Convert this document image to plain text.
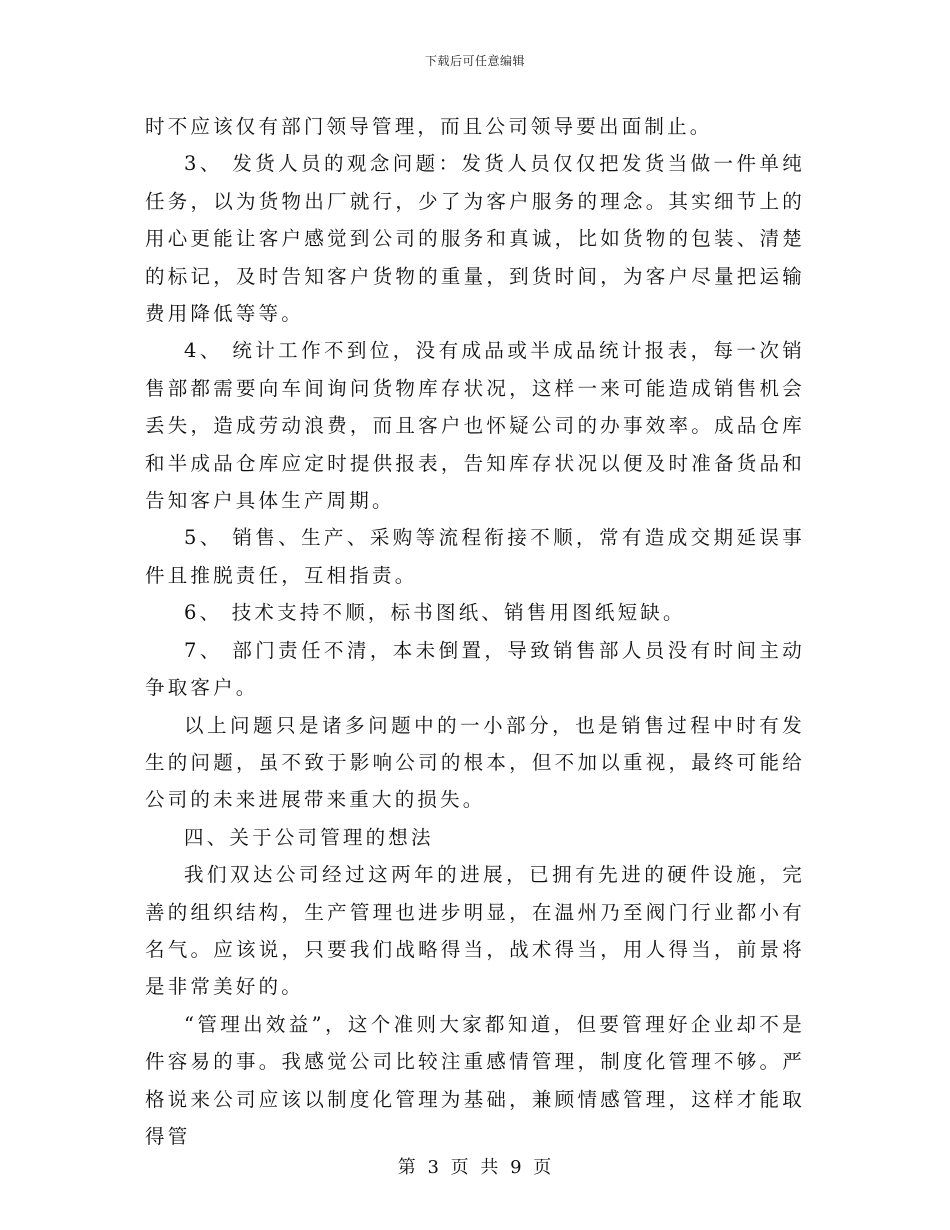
下载后可任意编辑

时不应该仅有部门领导管理，而且公司领导要出面制止。

3、 发货人员的观念问题：发货人员仅仅把发货当做一件单纯任务，以为货物出厂就行，少了为客户服务的理念。其实细节上的用心更能让客户感觉到公司的服务和真诚，比如货物的包装、清楚的标记，及时告知客户货物的重量，到货时间，为客户尽量把运输费用降低等等。

4、 统计工作不到位，没有成品或半成品统计报表，每一次销售部都需要向车间询问货物库存状况，这样一来可能造成销售机会丢失，造成劳动浪费，而且客户也怀疑公司的办事效率。成品仓库和半成品仓库应定时提供报表，告知库存状况以便及时准备货品和告知客户具体生产周期。

5、 销售、生产、采购等流程衔接不顺，常有造成交期延误事件且推脱责任，互相指责。

6、 技术支持不顺，标书图纸、销售用图纸短缺。

7、 部门责任不清，本未倒置，导致销售部人员没有时间主动争取客户。

以上问题只是诸多问题中的一小部分，也是销售过程中时有发生的问题，虽不致于影响公司的根本，但不加以重视，最终可能给公司的未来进展带来重大的损失。

四、关于公司管理的想法

我们双达公司经过这两年的进展，已拥有先进的硬件设施，完善的组织结构，生产管理也进步明显，在温州乃至阀门行业都小有名气。应该说，只要我们战略得当，战术得当，用人得当，前景将是非常美好的。

“管理出效益”，这个准则大家都知道，但要管理好企业却不是件容易的事。我感觉公司比较注重感情管理，制度化管理不够。严格说来公司应该以制度化管理为基础，兼顾情感管理，这样才能取得管

第 3 页 共 9 页
